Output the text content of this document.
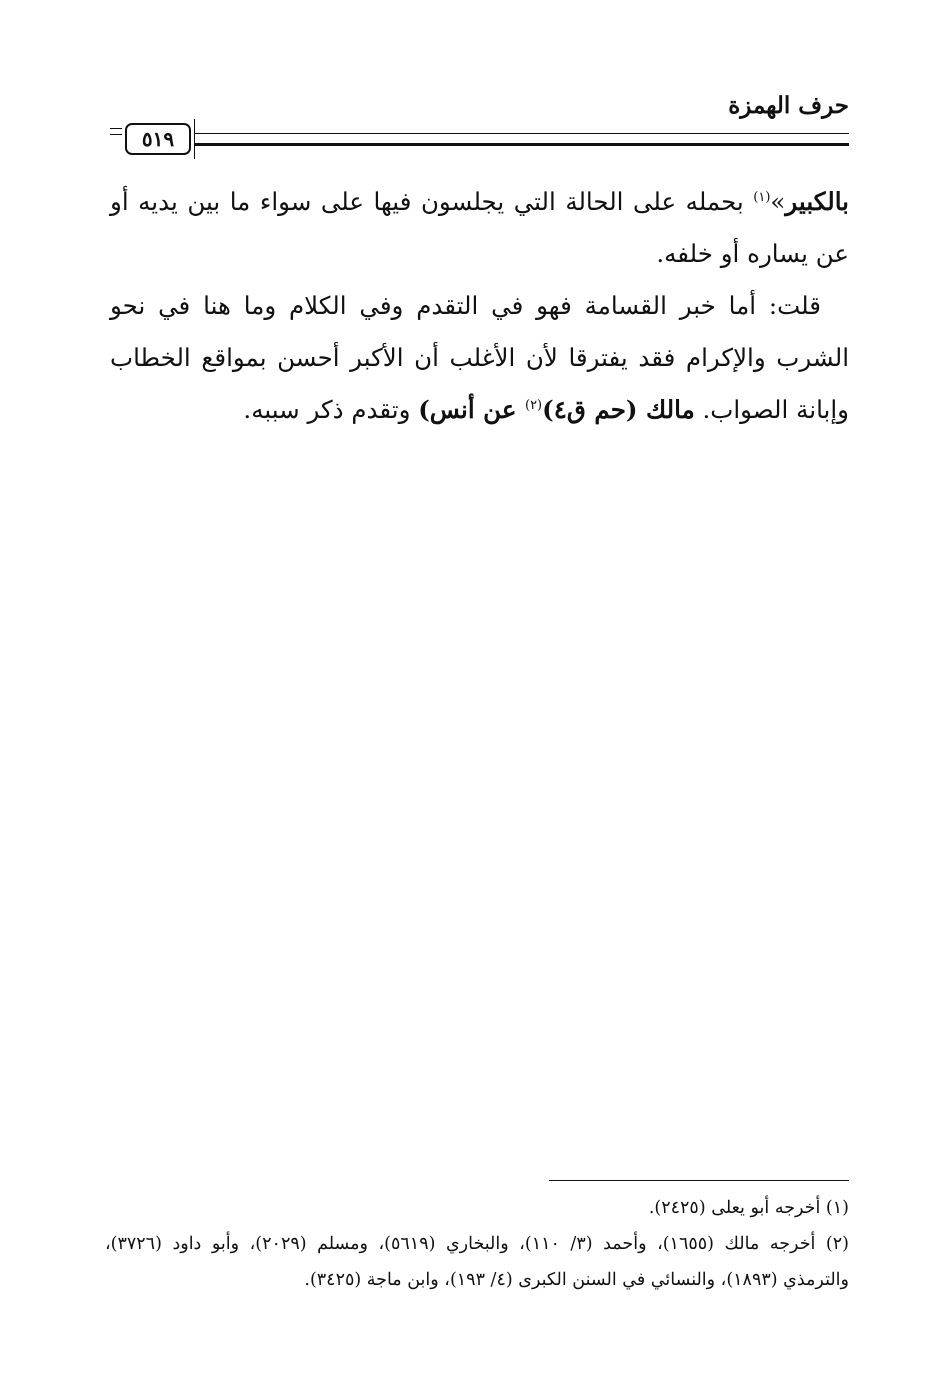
حرف الهمزة
٥١٩

بالكبير»$^{(١)}$ بحمله على الحالة التي يجلسون فيها على سواء ما بين يديه أو عن يساره أو خلفه.

قلت: أما خبر القسامة فهو في التقدم وفي الكلام وما هنا في نحو الشرب والإكرام فقد يفترقا لأن الأغلب أن الأكبر أحسن بمواقع الخطاب وإبانة الصواب. مالك (حم ق٤)$^{(٢)}$ عن أنس) وتقدم ذكر سببه.

(١) أخرجه أبو يعلى (٢٤٢٥).

(٢) أخرجه مالك (١٦٥٥)، وأحمد (٣/ ١١٠)، والبخاري (٥٦١٩)، ومسلم (٢٠٢٩)، وأبو داود (٣٧٢٦)، والترمذي (١٨٩٣)، والنسائي في السنن الكبرى (٤/ ١٩٣)، وابن ماجة (٣٤٢٥).
